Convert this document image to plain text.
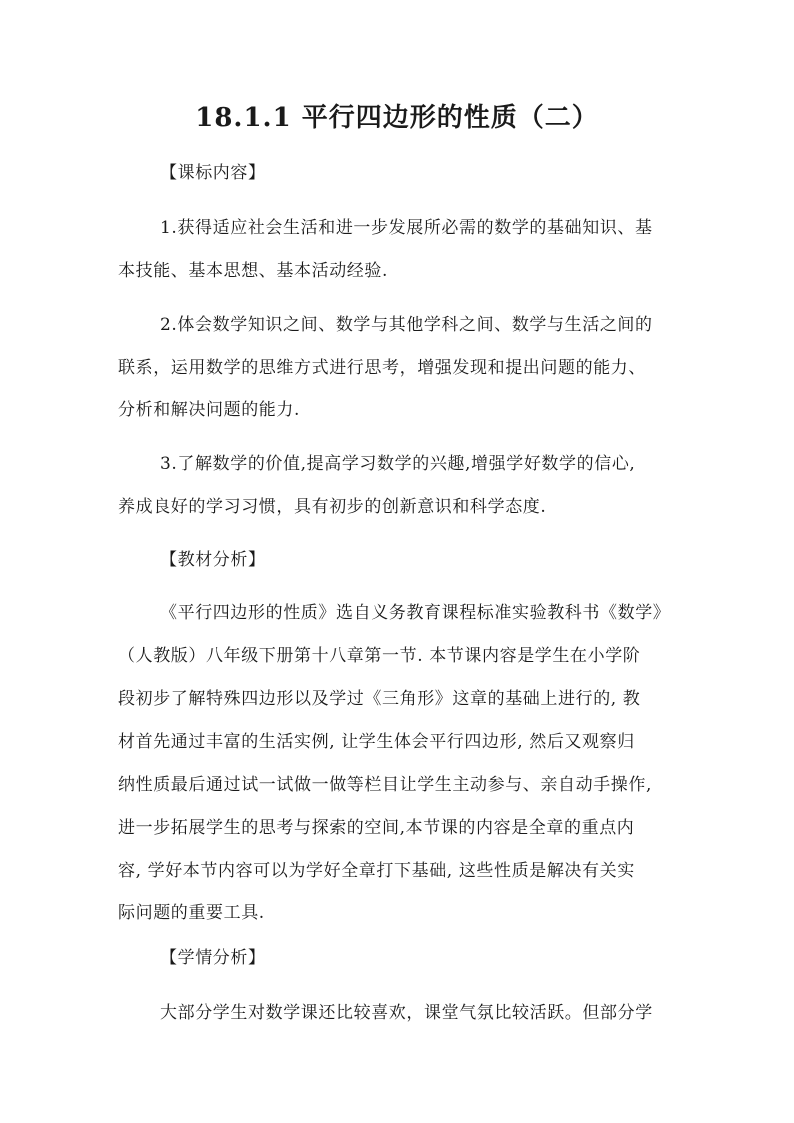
18.1.1 平行四边形的性质（二）
【课标内容】
1.获得适应社会生活和进一步发展所必需的数学的基础知识、基
本技能、基本思想、基本活动经验.
2.体会数学知识之间、数学与其他学科之间、数学与生活之间的
联系，运用数学的思维方式进行思考，增强发现和提出问题的能力、
分析和解决问题的能力.
3.了解数学的价值,提高学习数学的兴趣,增强学好数学的信心,
养成良好的学习习惯，具有初步的创新意识和科学态度.
【教材分析】
《平行四边形的性质》选自义务教育课程标准实验教科书《数学》
（人教版）八年级下册第十八章第一节. 本节课内容是学生在小学阶
段初步了解特殊四边形以及学过《三角形》这章的基础上进行的, 教
材首先通过丰富的生活实例, 让学生体会平行四边形, 然后又观察归
纳性质最后通过试一试做一做等栏目让学生主动参与、亲自动手操作,
进一步拓展学生的思考与探索的空间,本节课的内容是全章的重点内
容, 学好本节内容可以为学好全章打下基础, 这些性质是解决有关实
际问题的重要工具.
【学情分析】
大部分学生对数学课还比较喜欢，课堂气氛比较活跃。但部分学
